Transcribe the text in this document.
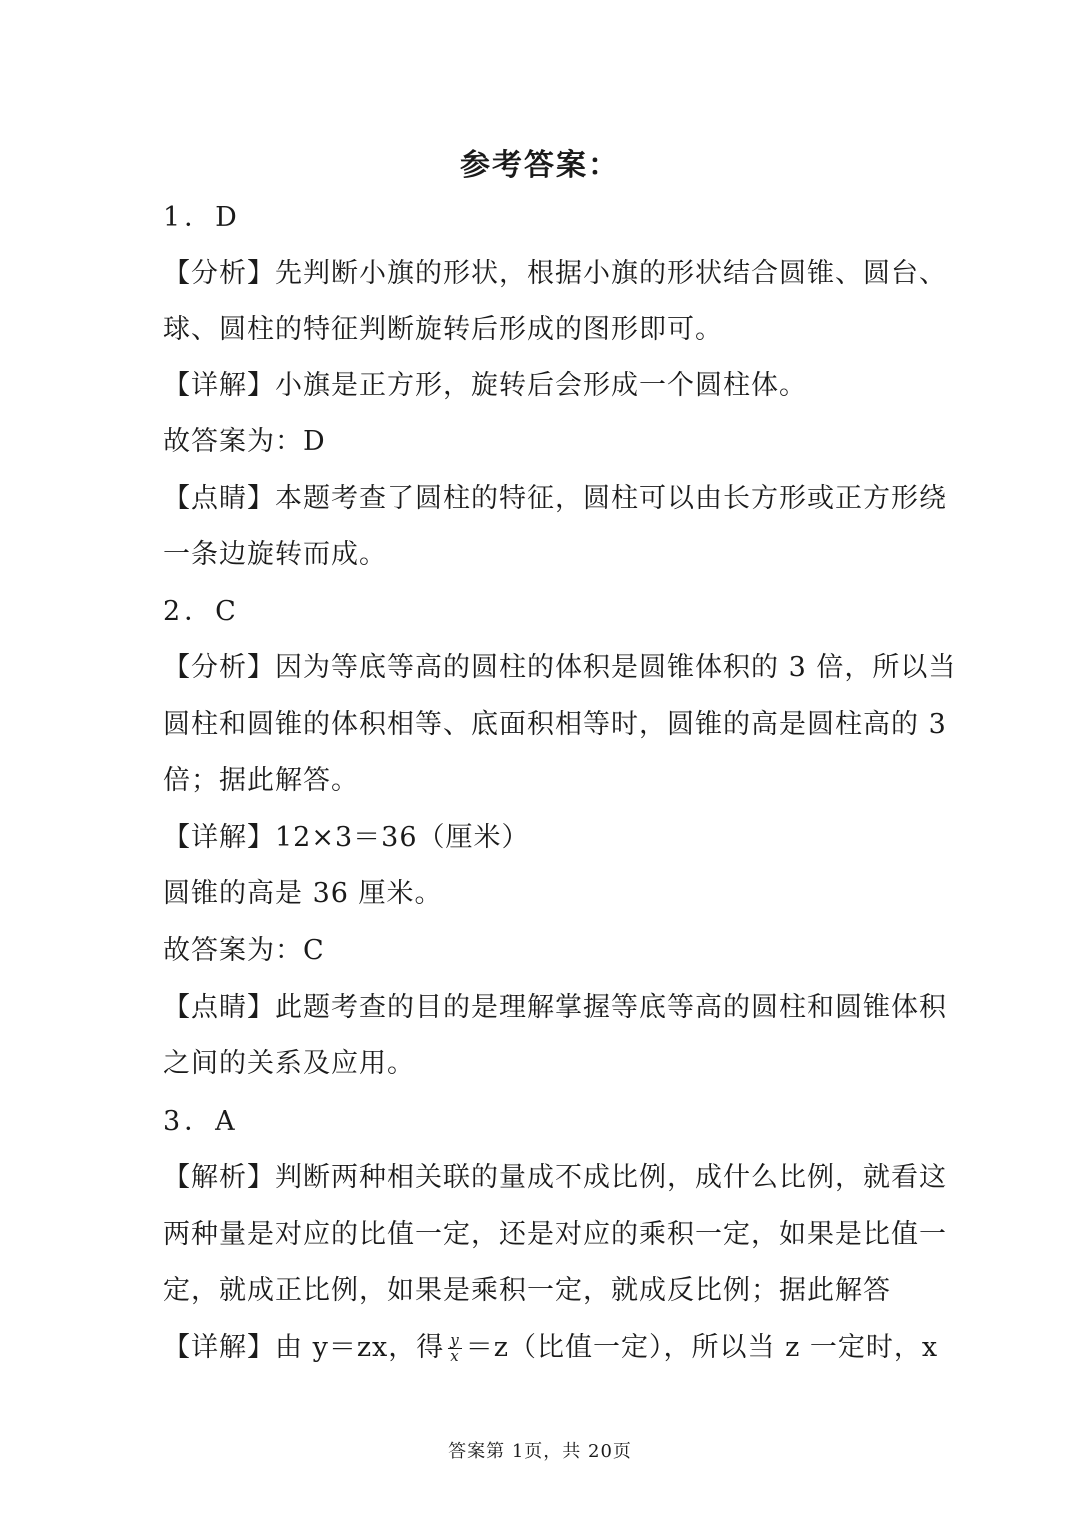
参考答案：
1．D
【分析】先判断小旗的形状，根据小旗的形状结合圆锥、圆台、
球、圆柱的特征判断旋转后形成的图形即可。
【详解】小旗是正方形，旋转后会形成一个圆柱体。
故答案为：D
【点睛】本题考查了圆柱的特征，圆柱可以由长方形或正方形绕
一条边旋转而成。
2．C
【分析】因为等底等高的圆柱的体积是圆锥体积的 3 倍，所以当
圆柱和圆锥的体积相等、底面积相等时，圆锥的高是圆柱高的 3
倍；据此解答。
【详解】12×3＝36（厘米）
圆锥的高是 36 厘米。
故答案为：C
【点睛】此题考查的目的是理解掌握等底等高的圆柱和圆锥体积
之间的关系及应用。
3．A
【解析】判断两种相关联的量成不成比例，成什么比例，就看这
两种量是对应的比值一定，还是对应的乘积一定，如果是比值一
定，就成正比例，如果是乘积一定，就成反比例；据此解答
【详解】由 y＝zx，得 $\frac{y}{x} =z$（比值一定），所以当 z 一定时，x
答案第 1页，共 20页
